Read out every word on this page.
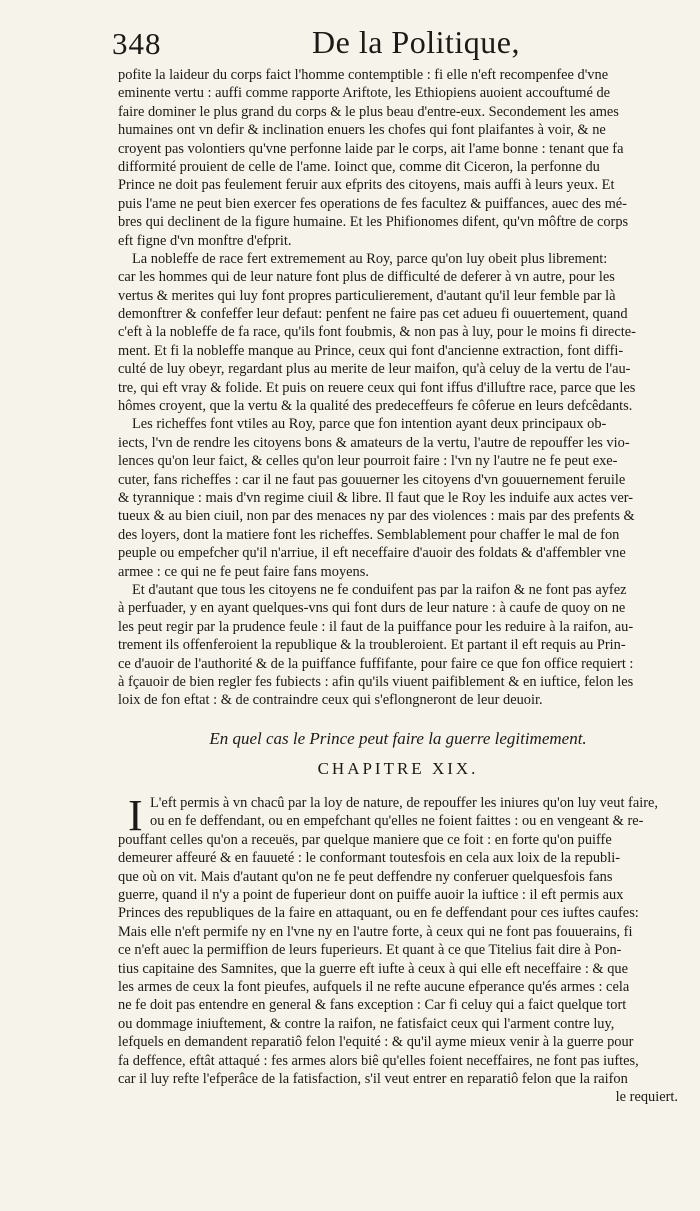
348	De la Politique,
pofite la laideur du corps faict l'homme contemptible : fi elle n'eft recompenfee d'vne
eminente vertu : auffi comme rapporte Ariftote, les Ethiopiens auoient accouftumé de
faire dominer le plus grand du corps & le plus beau d'entre-eux. Secondement les ames
humaines ont vn defir & inclination enuers les chofes qui font plaifantes à voir, & ne
croyent pas volontiers qu'vne perfonne laide par le corps, ait l'ame bonne : tenant que fa
difformité prouient de celle de l'ame. Ioinct que, comme dit Ciceron, la perfonne du
Prince ne doit pas feulement feruir aux efprits des citoyens, mais auffi à leurs yeux. Et
puis l'ame ne peut bien exercer fes operations de fes facultez & puiffances, auec des mé-
bres qui declinent de la figure humaine. Et les Phifionomes difent, qu'vn môftre de corps
eft figne d'vn monftre d'efprit.
La nobleffe de race fert extremement au Roy, parce qu'on luy obeit plus librement:
car les hommes qui de leur nature font plus de difficulté de deferer à vn autre, pour les
vertus & merites qui luy font propres particulierement, d'autant qu'il leur femble par là
demonftrer & confeffer leur defaut: penfent ne faire pas cet adueu fi ouuertement, quand
c'eft à la nobleffe de fa race, qu'ils font foubmis, & non pas à luy, pour le moins fi directe-
ment. Et fi la nobleffe manque au Prince, ceux qui font d'ancienne extraction, font diffi-
culté de luy obeyr, regardant plus au merite de leur maifon, qu'à celuy de la vertu de l'au-
tre, qui eft vray & folide. Et puis on reuere ceux qui font iffus d'illuftre race, parce que les
hômes croyent, que la vertu & la qualité des predeceffeurs fe côferue en leurs defcêdants.
Les richeffes font vtiles au Roy, parce que fon intention ayant deux principaux ob-
iects, l'vn de rendre les citoyens bons & amateurs de la vertu, l'autre de repouffer les vio-
lences qu'on leur faict, & celles qu'on leur pourroit faire : l'vn ny l'autre ne fe peut exe-
cuter, fans richeffes : car il ne faut pas gouuerner les citoyens d'vn gouuernement feruile
& tyrannique : mais d'vn regime ciuil & libre. Il faut que le Roy les induife aux actes ver-
tueux & au bien ciuil, non par des menaces ny par des violences : mais par des prefents &
des loyers, dont la matiere font les richeffes. Semblablement pour chaffer le mal de fon
peuple ou empefcher qu'il n'arriue, il eft neceffaire d'auoir des foldats & d'affembler vne
armee : ce qui ne fe peut faire fans moyens.
Et d'autant que tous les citoyens ne fe conduifent pas par la raifon & ne font pas ayfez
à perfuader, y en ayant quelques-vns qui font durs de leur nature : à caufe de quoy on ne
les peut regir par la prudence feule : il faut de la puiffance pour les reduire à la raifon, au-
trement ils offenferoient la republique & la troubleroient. Et partant il eft requis au Prin-
ce d'auoir de l'authorité & de la puiffance fuffifante, pour faire ce que fon office requiert :
à fçauoir de bien regler fes fubiects : afin qu'ils viuent paifiblement & en iuftice, felon les
loix de fon eftat : & de contraindre ceux qui s'eflongneront de leur deuoir.
En quel cas le Prince peut faire la guerre legitimement.
CHAPITRE XIX.
I L'eft permis à vn chacû par la loy de nature, de repouffer les iniures qu'on luy veut faire,
ou en fe deffendant, ou en empefchant qu'elles ne foient faittes : ou en vengeant & re-
pouffant celles qu'on a receuës, par quelque maniere que ce foit : en forte qu'on puiffe
demeurer affeuré & en fauueté : le conformant toutesfois en cela aux loix de la republi-
que où on vit. Mais d'autant qu'on ne fe peut deffendre ny conferuer quelquesfois fans
guerre, quand il n'y a point de fuperieur dont on puiffe auoir la iuftice : il eft permis aux
Princes des republiques de la faire en attaquant, ou en fe deffendant pour ces iuftes caufes:
Mais elle n'eft permife ny en l'vne ny en l'autre forte, à ceux qui ne font pas fouuerains, fi
ce n'eft auec la permiffion de leurs fuperieurs. Et quant à ce que Titelius fait dire à Pon-
tius capitaine des Samnites, que la guerre eft iufte à ceux à qui elle eft neceffaire : & que
les armes de ceux la font pieufes, aufquels il ne refte aucune efperance qu'és armes : cela
ne fe doit pas entendre en general & fans exception : Car fi celuy qui a faict quelque tort
ou dommage iniuftement, & contre la raifon, ne fatisfaict ceux qui l'arment contre luy,
lefquels en demandent reparatiô felon l'equité : & qu'il ayme mieux venir à la guerre pour
fa deffence, eftât attaqué : fes armes alors biê qu'elles foient neceffaires, ne font pas iuftes,
car il luy refte l'efperâce de la fatisfaction, s'il veut entrer en reparatiô felon que la raifon
le requiert.
